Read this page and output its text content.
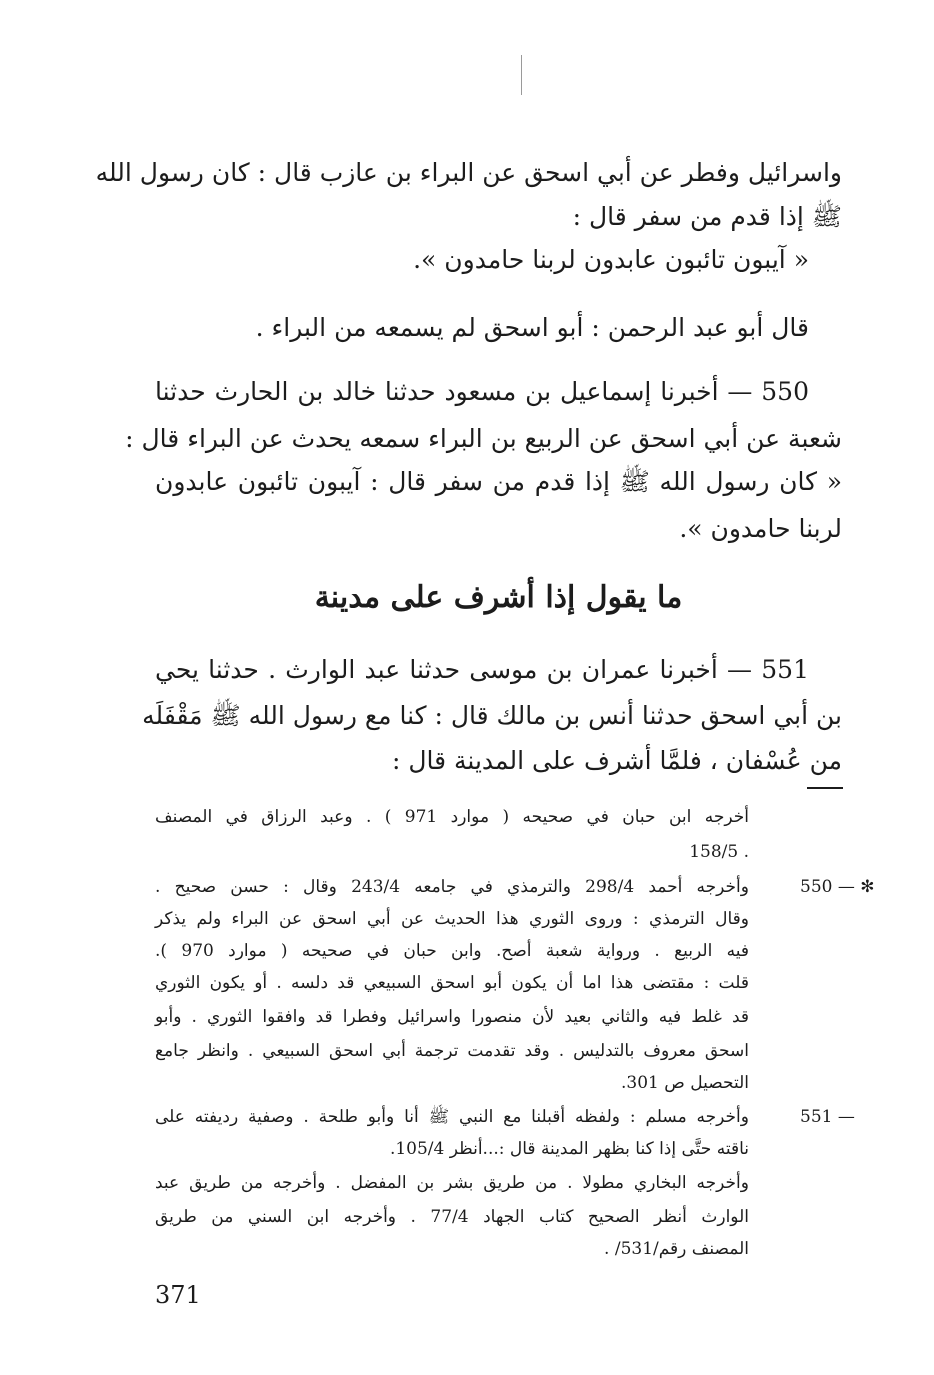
واسرائيل وفطر عن أبي اسحق عن البراء بن عازب قال : كان رسول الله
ﷺ إذا قدم من سفر قال :
« آيبون تائبون عابدون لربنا حامدون ».
قال أبو عبد الرحمن : أبو اسحق لم يسمعه من البراء .
550 — أخبرنا إسماعيل بن مسعود حدثنا خالد بن الحارث حدثنا
شعبة عن أبي اسحق عن الربيع بن البراء سمعه يحدث عن البراء قال :
« كان رسول الله ﷺ إذا قدم من سفر قال : آيبون تائبون عابدون
لربنا حامدون ».
ما يقول إذا أشرف على مدينة
551 — أخبرنا عمران بن موسى حدثنا عبد الوارث . حدثنا يحي
بن أبي اسحق حدثنا أنس بن مالك قال : كنا مع رسول الله ﷺ مَقْفَلَه
من عُسْفان ، فلمَّا أشرف على المدينة قال :
أخرجه ابن حبان في صحيحه ( موارد 971 ) . وعبد الرزاق في المصنف
. 158/5
550 — ✻
وأخرجه أحمد 298/4 والترمذي في جامعه 243/4 وقال : حسن صحيح .
وقال الترمذي : وروى الثوري هذا الحديث عن أبي اسحق عن البراء ولم يذكر
فيه الربيع . ورواية شعبة أصح. وابن حبان في صحيحه ( موارد 970 ).
قلت : مقتضى هذا اما أن يكون أبو اسحق السبيعي قد دلسه . أو يكون الثوري
قد غلط فيه والثاني بعيد لأن منصورا واسرائيل وفطرا قد وافقوا الثوري . وأبو
اسحق معروف بالتدليس . وقد تقدمت ترجمة أبي اسحق السبيعي . وانظر جامع
التحصيل ص 301.
551 —
وأخرجه مسلم : ولفظه أقبلنا مع النبي ﷺ أنا وأبو طلحة . وصفية رديفته على
ناقته حتَّى إذا كنا بظهر المدينة قال :...أنظر 105/4.
وأخرجه البخاري مطولا . من طريق بشر بن المفضل . وأخرجه من طريق عبد
الوارث أنظر الصحيح كتاب الجهاد 77/4 . وأخرجه ابن السني من طريق
المصنف رقم/531/ .
371
